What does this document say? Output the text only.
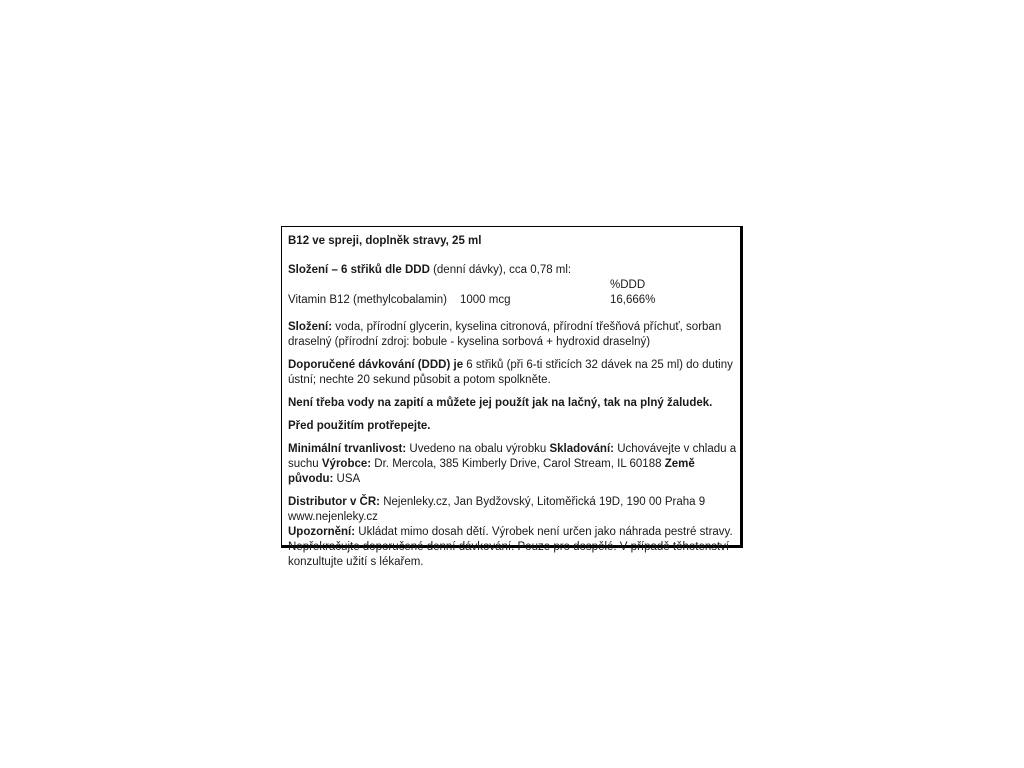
B12 ve spreji, doplněk stravy, 25 ml

Složení – 6 střiků dle DDD (denní dávky), cca 0,78 ml:

%DDD
Vitamin B12 (methylcobalamin) 1000 mcg	16,666%

Složení: voda, přírodní glycerin, kyselina citronová, přírodní třešňová příchuť, sorban draselný (přírodní zdroj: bobule - kyselina sorbová + hydroxid draselný)

Doporučené dávkování (DDD) je 6 střiků (při 6-ti střicích 32 dávek na 25 ml) do dutiny ústní; nechte 20 sekund působit a potom spolkněte.

Není třeba vody na zapití a můžete jej použít jak na lačný, tak na plný žaludek.

Před použitím protřepejte.

Minimální trvanlivost: Uvedeno na obalu výrobku Skladování: Uchovávejte v chladu a suchu Výrobce: Dr. Mercola, 385 Kimberly Drive, Carol Stream, IL 60188 Země původu: USA

Distributor v ČR: Nejenleky.cz, Jan Bydžovský, Litoměřická 19D, 190 00 Praha 9

www.nejenleky.cz

Upozornění: Ukládat mimo dosah dětí. Výrobek není určen jako náhrada pestré stravy. Nepřekračujte doporučené denní dávkování. Pouze pro dospělé. V případě těhotenství konzultujte užití s lékařem.
